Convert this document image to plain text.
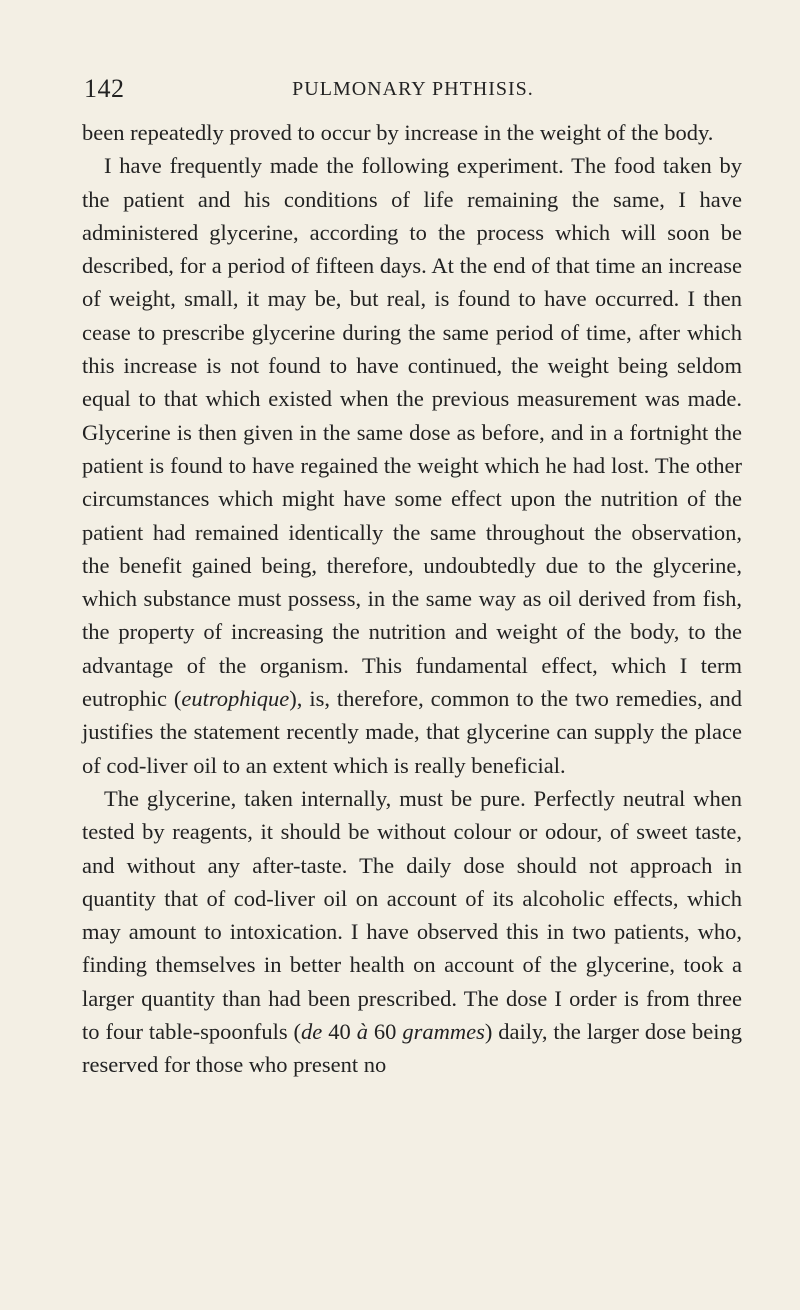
142	PULMONARY PHTHISIS.

been repeatedly proved to occur by increase in the weight of the body.

I have frequently made the following experiment. The food taken by the patient and his conditions of life remaining the same, I have administered glycerine, according to the process which will soon be described, for a period of fifteen days. At the end of that time an increase of weight, small, it may be, but real, is found to have occurred. I then cease to prescribe glycerine during the same period of time, after which this increase is not found to have continued, the weight being seldom equal to that which existed when the previous measurement was made. Glycerine is then given in the same dose as before, and in a fortnight the patient is found to have regained the weight which he had lost. The other circumstances which might have some effect upon the nutrition of the patient had remained identically the same throughout the observation, the benefit gained being, therefore, undoubtedly due to the glycerine, which substance must possess, in the same way as oil derived from fish, the property of increasing the nutrition and weight of the body, to the advantage of the organism. This fundamental effect, which I term eutrophic (eutrophique), is, therefore, common to the two remedies, and justifies the statement recently made, that glycerine can supply the place of cod-liver oil to an extent which is really beneficial.

The glycerine, taken internally, must be pure. Perfectly neutral when tested by reagents, it should be without colour or odour, of sweet taste, and without any after-taste. The daily dose should not approach in quantity that of cod-liver oil on account of its alcoholic effects, which may amount to intoxication. I have observed this in two patients, who, finding themselves in better health on account of the glycerine, took a larger quantity than had been prescribed. The dose I order is from three to four table-spoonfuls (de 40 à 60 grammes) daily, the larger dose being reserved for those who present no
